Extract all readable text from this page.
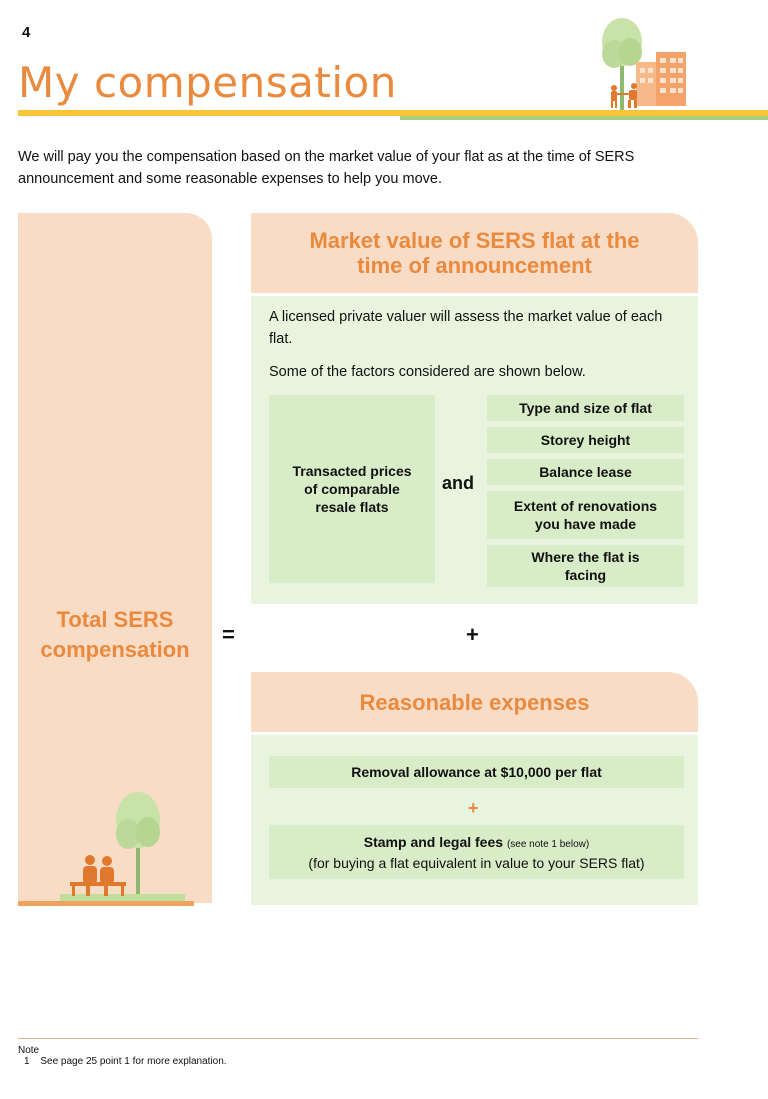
4
My compensation
We will pay you the compensation based on the market value of your flat as at the time of SERS announcement and some reasonable expenses to help you move.
Total SERS
compensation
=
Market value of SERS flat at the
time of announcement
A licensed private valuer will assess the market value of each flat.
Some of the factors considered are shown below.
Transacted prices of comparable resale flats
and
Type and size of flat
Storey height
Balance lease
Extent of renovations you have made
Where the flat is facing
+
Reasonable expenses
Removal allowance at $10,000 per flat
+
Stamp and legal fees (see note 1 below)
(for buying a flat equivalent in value to your SERS flat)
Note
1 See page 25 point 1 for more explanation.
